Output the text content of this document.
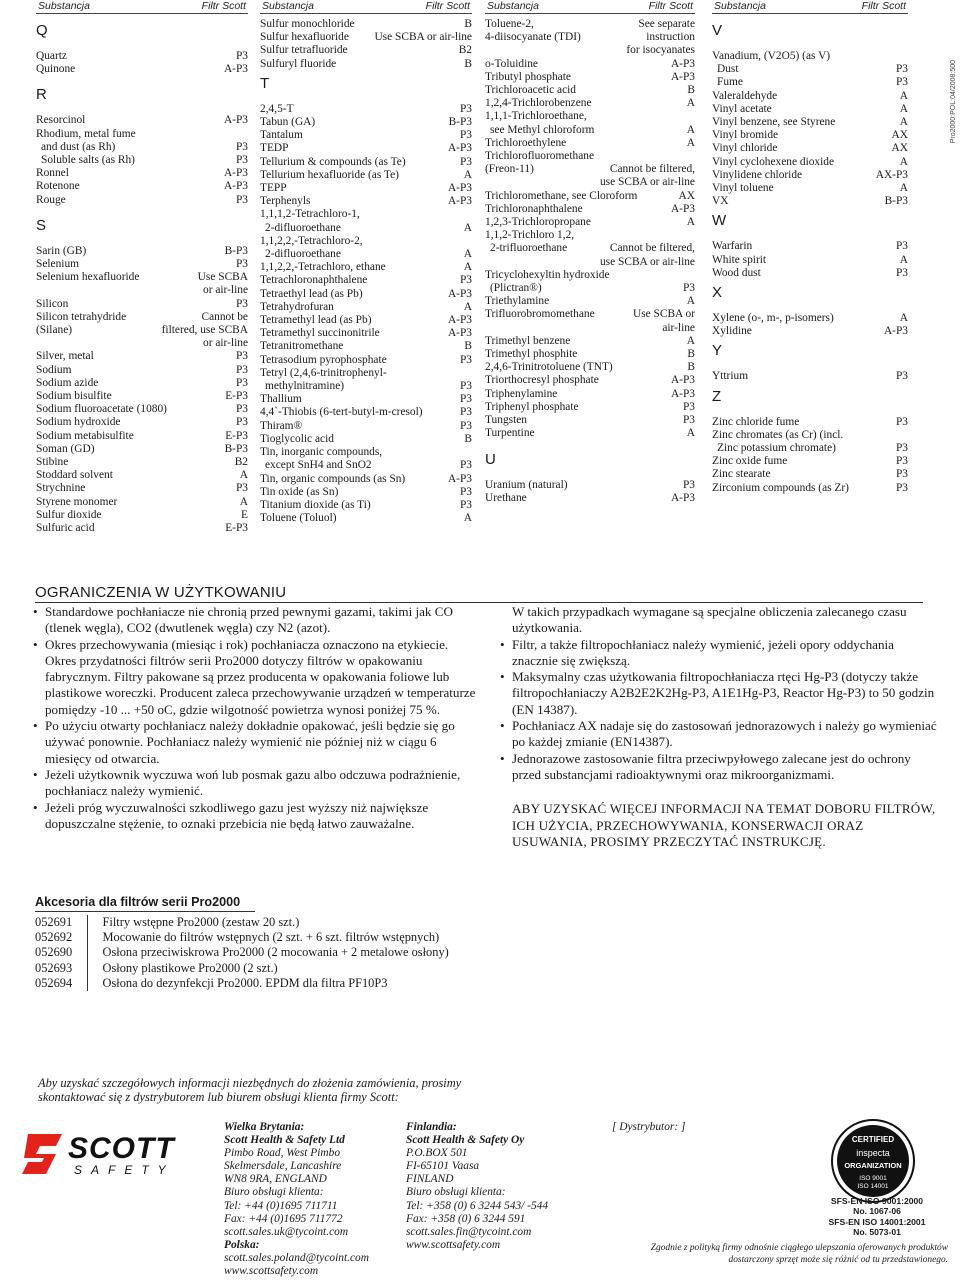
Substancja	Filtr Scott
Q
Quartz	P3
Quinone	A-P3
R
Resorcinol	A-P3
Rhodium, metal fume
and dust (as Rh)	P3
Soluble salts (as Rh)	P3
Ronnel	A-P3
Rotenone	A-P3
Rouge	P3
S
Sarin (GB)	B-P3
Selenium	P3
Selenium hexafluoride	Use SCBA
or air-line
Silicon	P3
Silicon tetrahydride	Cannot be
(Silane)	filtered, use SCBA
or air-line
Silver, metal	P3
Sodium	P3
Sodium azide	P3
Sodium bisulfite	E-P3
Sodium fluoroacetate (1080)	P3
Sodium hydroxide	P3
Sodium metabisulfite	E-P3
Soman (GD)	B-P3
Stibine	B2
Stoddard solvent	A
Strychnine	P3
Styrene monomer	A
Sulfur dioxide	E
Sulfuric acid	E-P3
Substancja	Filtr Scott
Sulfur monochloride	B
Sulfur hexafluoride	Use SCBA or air-line
Sulfur tetrafluoride	B2
Sulfuryl fluoride	B
T
2,4,5-T	P3
Tabun (GA)	B-P3
Tantalum	P3
TEDP	A-P3
Tellurium & compounds (as Te)	P3
Tellurium hexafluoride (as Te)	A
TEPP	A-P3
Terphenyls	A-P3
1,1,1,2-Tetrachloro-1,
2-difluoroethane	A
1,1,2,2,-Tetrachloro-2,
2-difluoroethane	A
1,1,2,2,-Tetrachloro, ethane	A
Tetrachloronaphthalene	P3
Tetraethyl lead (as Pb)	A-P3
Tetrahydrofuran	A
Tetramethyl lead (as Pb)	A-P3
Tetramethyl succinonitrile	A-P3
Tetranitromethane	B
Tetrasodium pyrophosphate	P3
Tetryl (2,4,6-trinitrophenyl-
methylnitramine)	P3
Thallium	P3
4,4`-Thiobis (6-tert-butyl-m-cresol)	P3
Thiram®	P3
Tioglycolic acid	B
Tin, inorganic compounds,
except SnH4 and SnO2	P3
Tin, organic compounds (as Sn)	A-P3
Tin oxide (as Sn)	P3
Titanium dioxide (as Ti)	P3
Toluene (Toluol)	A
Substancja	Filtr Scott
Toluene-2,	See separate
4-diisocyanate (TDI)	instruction
for isocyanates
o-Toluidine	A-P3
Tributyl phosphate	A-P3
Trichloroacetic acid	B
1,2,4-Trichlorobenzene	A
1,1,1-Trichloroethane,
see Methyl chloroform	A
Trichloroethylene	A
Trichlorofluoromethane
(Freon-11)	Cannot be filtered,
use SCBA or air-line
Trichloromethane, see Cloroform	AX
Trichloronaphthalene	A-P3
1,2,3-Trichloropropane	A
1,1,2-Trichloro 1,2,
2-trifluoroethane	Cannot be filtered,
use SCBA or air-line
Tricyclohexyltin hydroxide
(Plictran®)	P3
Triethylamine	A
Trifluorobromomethane	Use SCBA or
air-line
Trimethyl benzene	A
Trimethyl phosphite	B
2,4,6-Trinitrotoluene (TNT)	B
Triorthocresyl phosphate	A-P3
Triphenylamine	A-P3
Triphenyl phosphate	P3
Tungsten	P3
Turpentine	A
U
Uranium (natural)	P3
Urethane	A-P3
Substancja	Filtr Scott
V
Vanadium, (V2O5) (as V)
Dust	P3
Fume	P3
Valeraldehyde	A
Vinyl acetate	A
Vinyl benzene, see Styrene	A
Vinyl bromide	AX
Vinyl chloride	AX
Vinyl cyclohexene dioxide	A
Vinylidene chloride	AX-P3
Vinyl toluene	A
VX	B-P3
W
Warfarin	P3
White spirit	A
Wood dust	P3
X
Xylene (o-, m-, p-isomers)	A
Xylidine	A-P3
Y
Yttrium	P3
Z
Zinc chloride fume	P3
Zinc chromates (as Cr) (incl.
Zinc potassium chromate)	P3
Zinc oxide fume	P3
Zinc stearate	P3
Zirconium compounds (as Zr)	P3
Pro2000:POL:04/2008:500
OGRANICZENIA W UŻYTKOWANIU
• Standardowe pochłaniacze nie chronią przed pewnymi gazami, takimi jak CO (tlenek węgla), CO2 (dwutlenek węgla) czy N2 (azot).
• Okres przechowywania (miesiąc i rok) pochłaniacza oznaczono na etykiecie. Okres przydatności filtrów serii Pro2000 dotyczy filtrów w opakowaniu fabrycznym. Filtry pakowane są przez producenta w opakowania foliowe lub plastikowe woreczki. Producent zaleca przechowywanie urządzeń w temperaturze pomiędzy -10 ... +50 oC, gdzie wilgotność powietrza wynosi poniżej 75 %.
• Po użyciu otwarty pochłaniacz należy dokładnie opakować, jeśli będzie się go używać ponownie. Pochłaniacz należy wymienić nie później niż w ciągu 6 miesięcy od otwarcia.
• Jeżeli użytkownik wyczuwa woń lub posmak gazu albo odczuwa podrażnienie, pochłaniacz należy wymienić.
• Jeżeli próg wyczuwalności szkodliwego gazu jest wyższy niż największe dopuszczalne stężenie, to oznaki przebicia nie będą łatwo zauważalne.
W takich przypadkach wymagane są specjalne obliczenia zalecanego czasu użytkowania.
• Filtr, a także filtropochłaniacz należy wymienić, jeżeli opory oddychania znacznie się zwiększą.
• Maksymalny czas użytkowania filtropochłaniacza rtęci Hg-P3 (dotyczy także filtropochłaniaczy A2B2E2K2Hg-P3, A1E1Hg-P3, Reactor Hg-P3) to 50 godzin (EN 14387).
• Pochłaniacz AX nadaje się do zastosowań jednorazowych i należy go wymieniać po każdej zmianie (EN14387).
• Jednorazowe zastosowanie filtra przeciwpyłowego zalecane jest do ochrony przed substancjami radioaktywnymi oraz mikroorganizmami.
ABY UZYSKAĆ WIĘCEJ INFORMACJI NA TEMAT DOBORU FILTRÓW, ICH UŻYCIA, PRZECHOWYWANIA, KONSERWACJI ORAZ USUWANIA, PROSIMY PRZECZYTAĆ INSTRUKCJĘ.
Akcesoria dla filtrów serii Pro2000
052691	Filtry wstępne Pro2000 (zestaw 20 szt.)
052692	Mocowanie do filtrów wstępnych (2 szt. + 6 szt. filtrów wstępnych)
052690	Osłona przeciwiskrowa Pro2000 (2 mocowania + 2 metalowe osłony)
052693	Osłony plastikowe Pro2000 (2 szt.)
052694	Osłona do dezynfekcji Pro2000. EPDM dla filtra PF10P3
Aby uzyskać szczegółowych informacji niezbędnych do złożenia zamówienia, prosimy
skontaktować się z dystrybutorem lub biurem obsługi klienta firmy Scott:
SCOTT
SAFETY
Wielka Brytania:
Scott Health & Safety Ltd
Pimbo Road, West Pimbo
Skelmersdale, Lancashire
WN8 9RA, ENGLAND
Biuro obsługi klienta:
Tel: +44 (0)1695 711711
Fax: +44 (0)1695 711772
scott.sales.uk@tycoint.com
Polska:
scott.sales.poland@tycoint.com
www.scottsafety.com
Finlandia:
Scott Health & Safety Oy
P.O.BOX 501
FI-65101 Vaasa
FINLAND
Biuro obsługi klienta:
Tel: +358 (0) 6 3244 543/ -544
Fax: +358 (0) 6 3244 591
scott.sales.fin@tycoint.com
www.scottsafety.com
[ Dystrybutor: ]
CERTIFIED
inspecta
ORGANIZATION
ISO 9001
ISO 14001
SFS-EN ISO 9001:2000
No. 1067-06
SFS-EN ISO 14001:2001
No. 5073-01
Zgodnie z polityką firmy odnośnie ciągłego ulepszania oferowanych produktów
dostarczony sprzęt może się różnić od tu przedstawionego.
